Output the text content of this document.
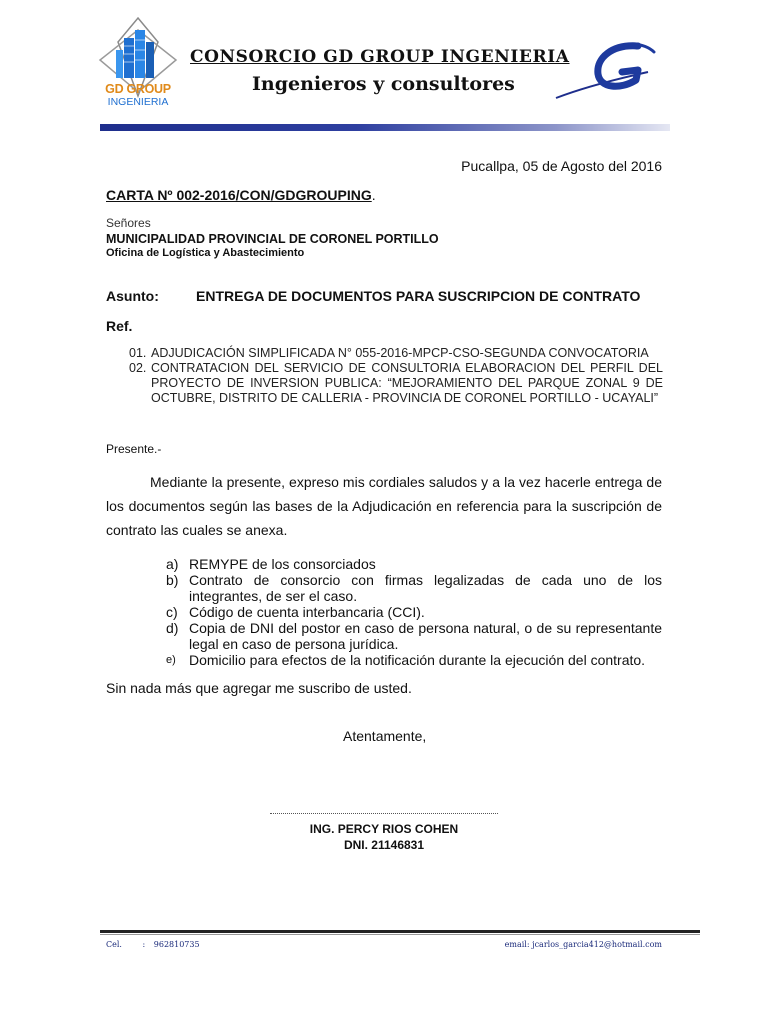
GD GROUP
INGENIERIA
CONSORCIO GD GROUP INGENIERIA
Ingenieros y consultores
Pucallpa, 05 de Agosto del 2016
CARTA Nº 002-2016/CON/GDGROUPING.
Señores
MUNICIPALIDAD PROVINCIAL DE CORONEL PORTILLO
Oficina de Logística y Abastecimiento
Asunto:	ENTREGA DE DOCUMENTOS PARA SUSCRIPCION DE CONTRATO
Ref.
01. ADJUDICACIÓN SIMPLIFICADA N° 055-2016-MPCP-CSO-SEGUNDA CONVOCATORIA
02. CONTRATACION DEL SERVICIO DE CONSULTORIA ELABORACION DEL PERFIL DEL PROYECTO DE INVERSION PUBLICA: “MEJORAMIENTO DEL PARQUE ZONAL 9 DE OCTUBRE, DISTRITO DE CALLERIA - PROVINCIA DE CORONEL PORTILLO - UCAYALI”
Presente.-
Mediante la presente, expreso mis cordiales saludos y a la vez hacerle entrega de los documentos según las bases de la Adjudicación en referencia para la suscripción de contrato las cuales se anexa.
a) REMYPE de los consorciados
b) Contrato de consorcio con firmas legalizadas de cada uno de los integrantes, de ser el caso.
c) Código de cuenta interbancaria (CCI).
d) Copia de DNI del postor en caso de persona natural, o de su representante legal en caso de persona jurídica.
e) Domicilio para efectos de la notificación durante la ejecución del contrato.
Sin nada más que agregar me suscribo de usted.
Atentamente,
ING. PERCY RIOS COHEN
DNI. 21146831
Cel.	: 962810735	email: jcarlos_garcia412@hotmail.com
